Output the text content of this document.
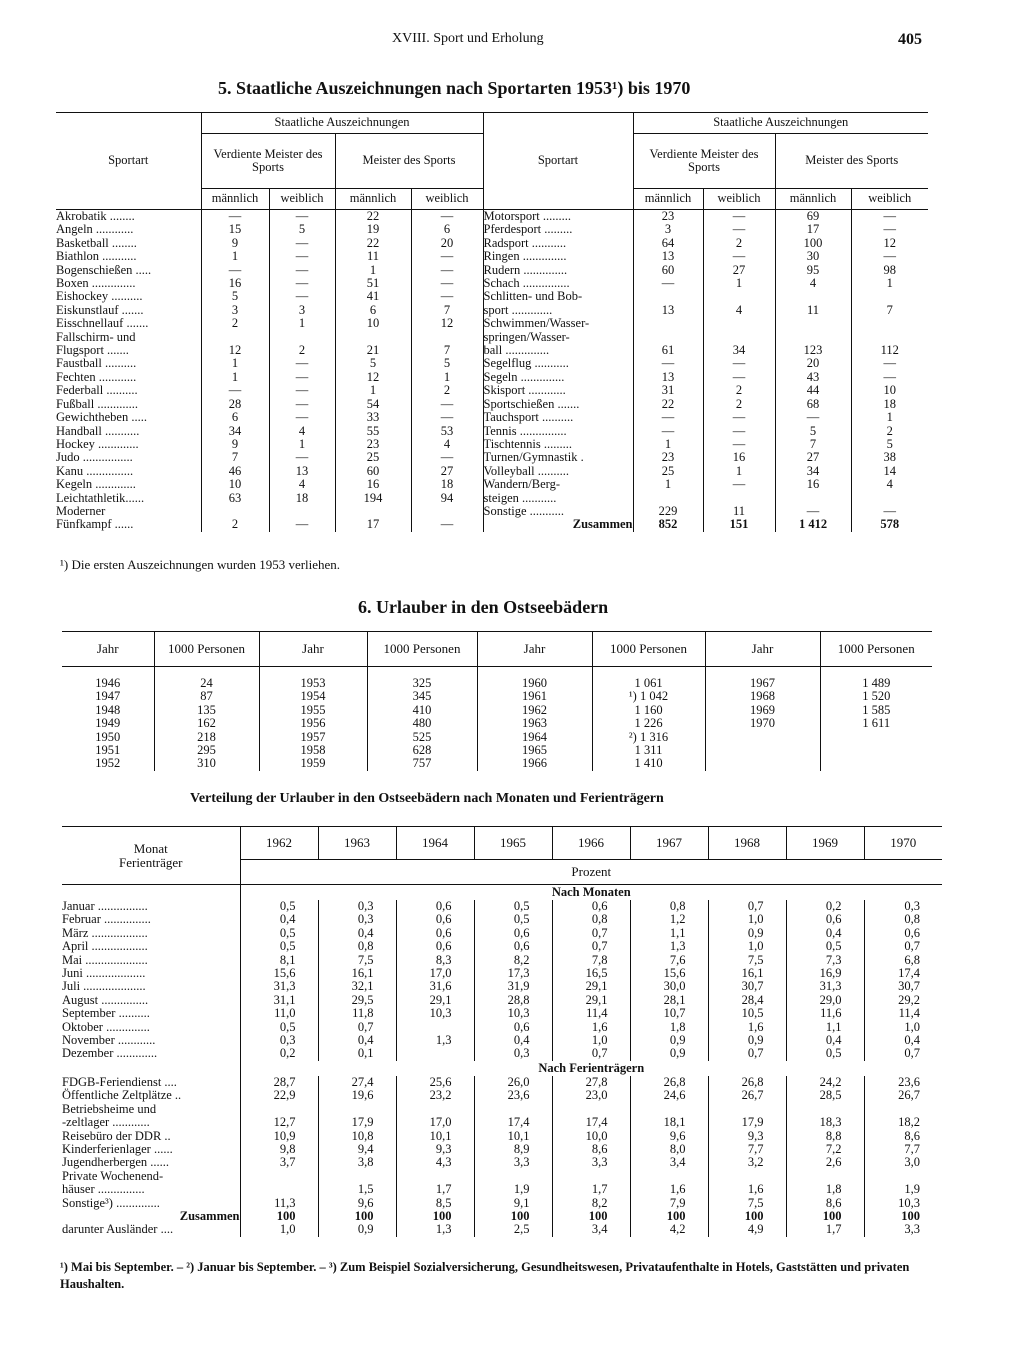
XVIII. Sport und Erholung	405
5. Staatliche Auszeichnungen nach Sportarten 1953¹) bis 1970
Sportart	Staatliche Auszeichnungen				Sportart	Staatliche Auszeichnungen			
	Verdiente Meister des Sports		Meister des Sports			Verdiente Meister des Sports		Meister des Sports	
	männlich	weiblich	männlich	weiblich		männlich	weiblich	männlich	weiblich
Akrobatik ........	—	—	22	—	Motorsport .........	23	—	69	—
Angeln ............	15	5	19	6	Pferdesport .........	3	—	17	—
Basketball ........	9	—	22	20	Radsport ...........	64	2	100	12
Biathlon ...........	1	—	11	—	Ringen ..............	13	—	30	—
Bogenschießen .....	—	—	1	—	Rudern ..............	60	27	95	98
Boxen ..............	16	—	51	—	Schach ...............	—	1	4	1
Eishockey ..........	5	—	41	—	Schlitten- und Bob-				
Eiskunstlauf .......	3	3	6	7	sport .............	13	4	11	7
Eisschnellauf .......	2	1	10	12	Schwimmen/Wasser-				
Fallschirm- und					springen/Wasser-				
Flugsport .......	12	2	21	7	ball ..............	61	34	123	112
Faustball ..........	1	—	5	5	Segelflug ...........	—	—	20	—
Fechten ............	1	—	12	1	Segeln ..............	13	—	43	—
Federball ..........	—	—	1	2	Skisport ............	31	2	44	10
Fußball .............	28	—	54	—	Sportschießen .......	22	2	68	18
Gewichtheben .....	6	—	33	—	Tauchsport ..........	—	—	—	1
Handball ...........	34	4	55	53	Tennis ...............	—	—	5	2
Hockey .............	9	1	23	4	Tischtennis .........	1	—	7	5
Judo ................	7	—	25	—	Turnen/Gymnastik .	23	16	27	38
Kanu ...............	46	13	60	27	Volleyball ..........	25	1	34	14
Kegeln .............	10	4	16	18	Wandern/Berg-	1	—	16	4
Leichtathletik......	63	18	194	94	steigen ...........				
Moderner					Sonstige ...........	229	11	—	—
Fünfkampf ......	2	—	17	—	Zusammen	852	151	1 412	578
¹) Die ersten Auszeichnungen wurden 1953 verliehen.
6. Urlauber in den Ostseebädern
Jahr	1000 Personen	Jahr	1000 Personen	Jahr	1000 Personen	Jahr	1000 Personen

1946	24	1953	325	1960	1 061	1967	1 489
1947	87	1954	345	1961	¹) 1 042	1968	1 520
1948	135	1955	410	1962	1 160	1969	1 585
1949	162	1956	480	1963	1 226	1970	1 611
1950	218	1957	525	1964	²) 1 316		
1951	295	1958	628	1965	1 311		
1952	310	1959	757	1966	1 410		
Verteilung der Urlauber in den Ostseebädern nach Monaten und Ferienträgern
Monat
Ferienträger	1962	1963	1964	1965	1966	1967	1968	1969	1970
	Prozent								
	Nach Monaten								
Januar ................	0,5	0,3	0,6	0,5	0,6	0,8	0,7	0,2	0,3
Februar ...............	0,4	0,3	0,6	0,5	0,8	1,2	1,0	0,6	0,8
März ..................	0,5	0,4	0,6	0,6	0,7	1,1	0,9	0,4	0,6
April ..................	0,5	0,8	0,6	0,6	0,7	1,3	1,0	0,5	0,7
Mai ....................	8,1	7,5	8,3	8,2	7,8	7,6	7,5	7,3	6,8
Juni ...................	15,6	16,1	17,0	17,3	16,5	15,6	16,1	16,9	17,4
Juli ....................	31,3	32,1	31,6	31,9	29,1	30,0	30,7	31,3	30,7
August ...............	31,1	29,5	29,1	28,8	29,1	28,1	28,4	29,0	29,2
September ..........	11,0	11,8	10,3	10,3	11,4	10,7	10,5	11,6	11,4
Oktober ..............	0,5	0,7		0,6	1,6	1,8	1,6	1,1	1,0
November ............	0,3	0,4	1,3	0,4	1,0	0,9	0,9	0,4	0,4
Dezember .............	0,2	0,1		0,3	0,7	0,9	0,7	0,5	0,7
	Nach Ferienträgern								
FDGB-Feriendienst ....	28,7	27,4	25,6	26,0	27,8	26,8	26,8	24,2	23,6
Öffentliche Zeltplätze ..	22,9	19,6	23,2	23,6	23,0	24,6	26,7	28,5	26,7
Betriebsheime und									
-zeltlager ............	12,7	17,9	17,0	17,4	17,4	18,1	17,9	18,3	18,2
Reisebüro der DDR ..	10,9	10,8	10,1	10,1	10,0	9,6	9,3	8,8	8,6
Kinderferienlager ......	9,8	9,4	9,3	8,9	8,6	8,0	7,7	7,2	7,7
Jugendherbergen ......	3,7	3,8	4,3	3,3	3,3	3,4	3,2	2,6	3,0
Private Wochenend-									
häuser ...............		1,5	1,7	1,9	1,7	1,6	1,6	1,8	1,9
Sonstige³) ..............	11,3	9,6	8,5	9,1	8,2	7,9	7,5	8,6	10,3
Zusammen	100	100	100	100	100	100	100	100	100
darunter Ausländer ....	1,0	0,9	1,3	2,5	3,4	4,2	4,9	1,7	3,3
¹) Mai bis September. – ²) Januar bis September. – ³) Zum Beispiel Sozialversicherung, Gesundheitswesen, Privataufenthalte in Hotels, Gaststätten und privaten Haushalten.
